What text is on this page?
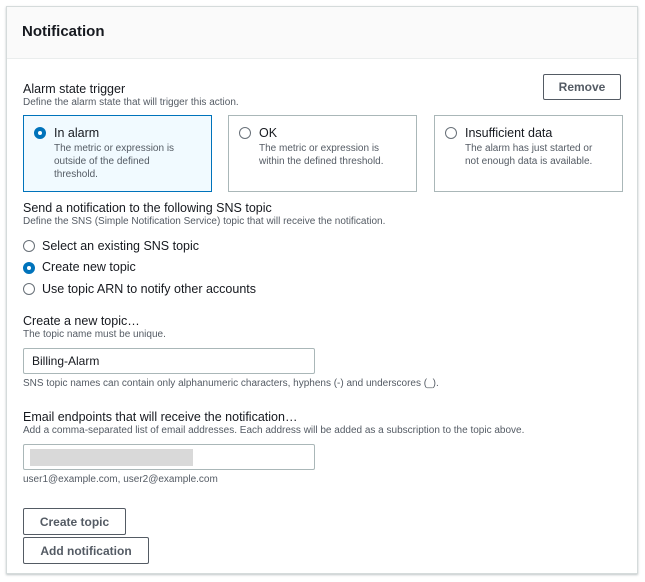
Notification

Alarm state trigger

Define the alarm state that will trigger this action.

Remove
In alarm
The metric or expression is
outside of the defined
threshold.
OK
The metric or expression is
within the defined threshold.
Insufficient data
The alarm has just started or
not enough data is available.

Send a notification to the following SNS topic

Define the SNS (Simple Notification Service) topic that will receive the notification.

Select an existing SNS topic
Create new topic
Use topic ARN to notify other accounts

Create a new topic…

The topic name must be unique.

Billing-Alarm
SNS topic names can contain only alphanumeric characters, hyphens (-) and underscores (_).

Email endpoints that will receive the notification…

Add a comma-separated list of email addresses. Each address will be added as a subscription to the topic above.

user1@example.com, user2@example.com
Create topic
Add notification
